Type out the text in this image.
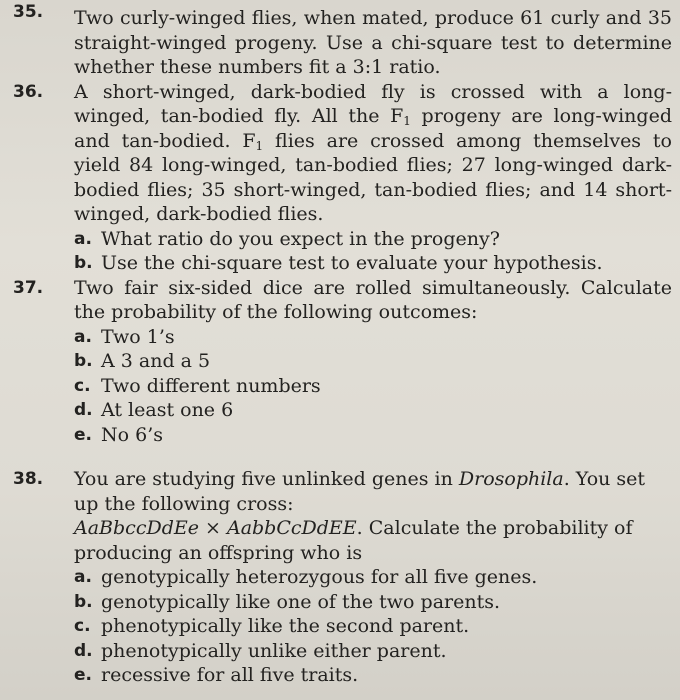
35. Two curly-winged flies, when mated, produce 61 curly and 35 straight-winged progeny. Use a chi-square test to determine whether these numbers fit a 3:1 ratio.

36. A short-winged, dark-bodied fly is crossed with a long-winged, tan-bodied fly. All the $F_1$ progeny are long-winged and tan-bodied. $F_1$ flies are crossed among themselves to yield 84 long-winged, tan-bodied flies; 27 long-winged dark-bodied flies; 35 short-winged, tan-bodied flies; and 14 short-winged, dark-bodied flies.

a. What ratio do you expect in the progeny?
b. Use the chi-square test to evaluate your hypothesis.
37. Two fair six-sided dice are rolled simultaneously. Calculate the probability of the following outcomes:

a. Two 1’s
b. A 3 and a 5
c. Two different numbers
d. At least one 6
e. No 6’s
38. You are studying five unlinked genes in Drosophila. You set up the following cross:
AaBbccDdEe × AabbCcDdEE. Calculate the probability of producing an offspring who is

a. genotypically heterozygous for all five genes.
b. genotypically like one of the two parents.
c. phenotypically like the second parent.
d. phenotypically unlike either parent.
e. recessive for all five traits.
